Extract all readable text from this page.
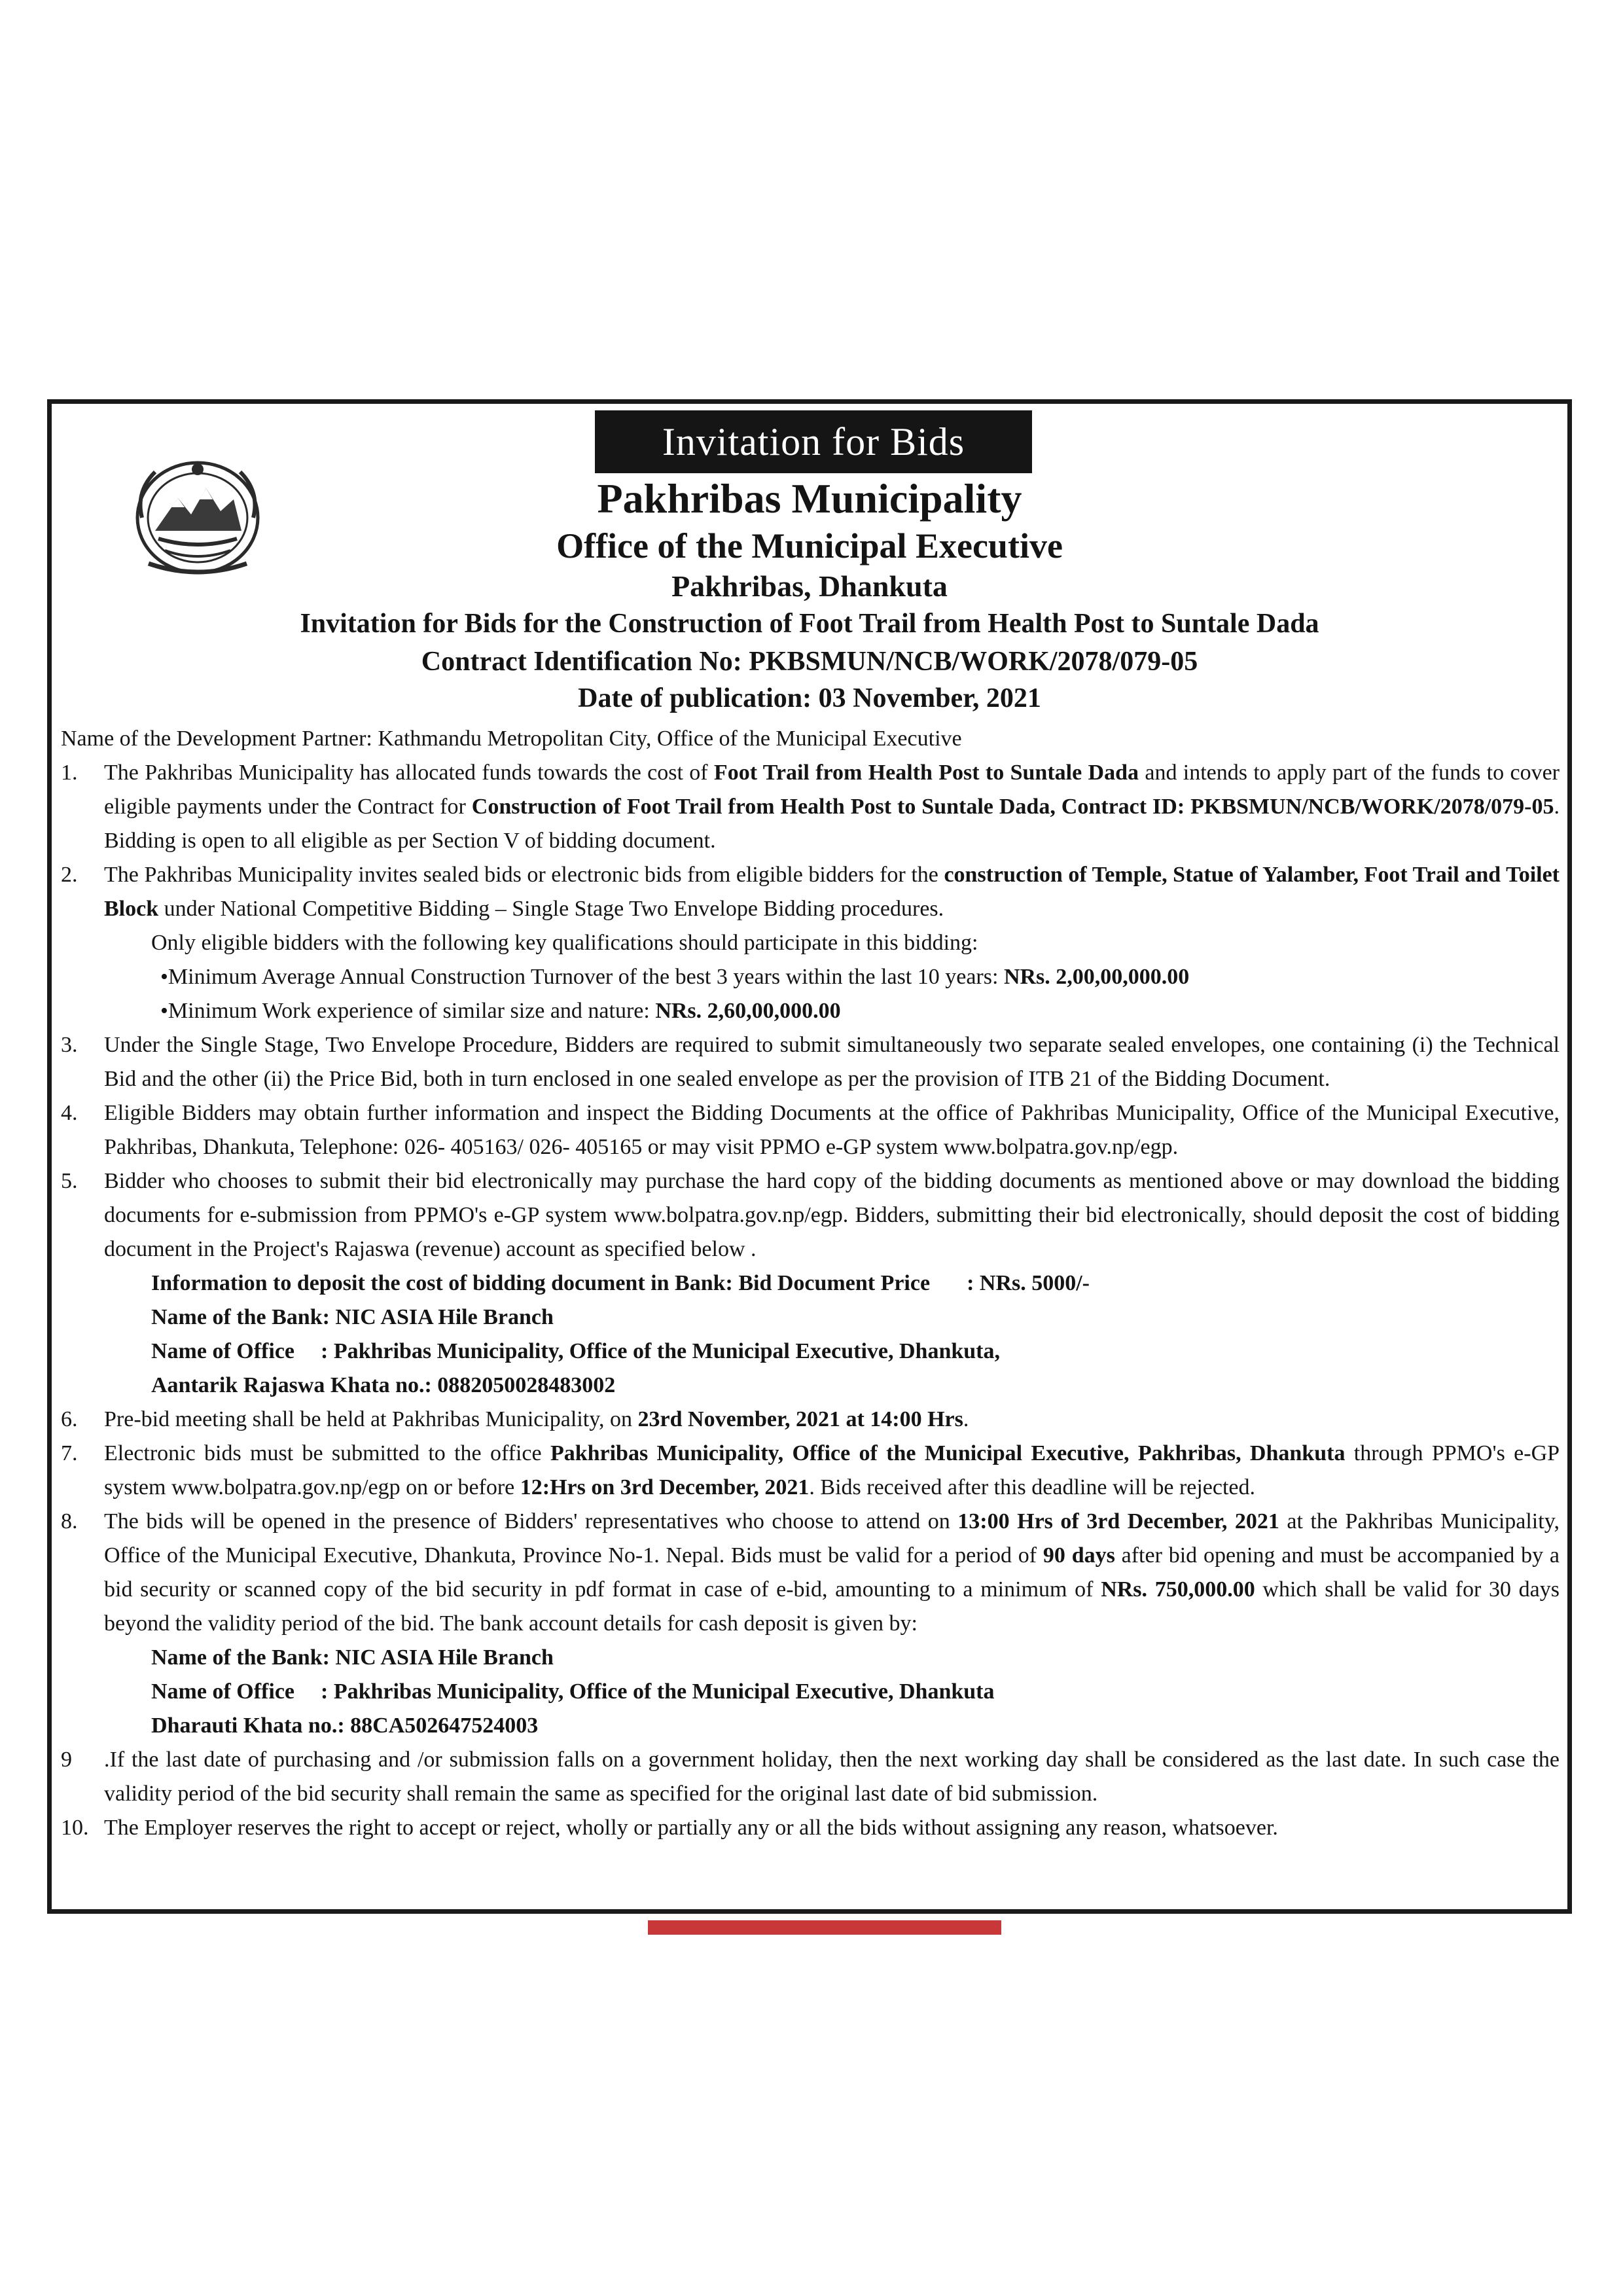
Invitation for Bids
Pakhribas Municipality
Office of the Municipal Executive
Pakhribas, Dhankuta
Invitation for Bids for the Construction of Foot Trail from Health Post to Suntale Dada
Contract Identification No: PKBSMUN/NCB/WORK/2078/079-05
Date of publication: 03 November, 2021
Name of the Development Partner: Kathmandu Metropolitan City, Office of the Municipal Executive
1.	The Pakhribas Municipality has allocated funds towards the cost of Foot Trail from Health Post to Suntale Dada and intends to apply part of the funds to cover eligible payments under the Contract for Construction of Foot Trail from Health Post to Suntale Dada, Contract ID: PKBSMUN/NCB/WORK/2078/079-05. Bidding is open to all eligible as per Section V of bidding document.
2.	The Pakhribas Municipality invites sealed bids or electronic bids from eligible bidders for the construction of Temple, Statue of Yalamber, Foot Trail and Toilet Block under National Competitive Bidding – Single Stage Two Envelope Bidding procedures.
Only eligible bidders with the following key qualifications should participate in this bidding:
•Minimum Average Annual Construction Turnover of the best 3 years within the last 10 years: NRs. 2,00,00,000.00
•Minimum Work experience of similar size and nature: NRs. 2,60,00,000.00
3.	Under the Single Stage, Two Envelope Procedure, Bidders are required to submit simultaneously two separate sealed envelopes, one containing (i) the Technical Bid and the other (ii) the Price Bid, both in turn enclosed in one sealed envelope as per the provision of ITB 21 of the Bidding Document.
4.	Eligible Bidders may obtain further information and inspect the Bidding Documents at the office of Pakhribas Municipality, Office of the Municipal Executive, Pakhribas, Dhankuta, Telephone: 026- 405163/ 026- 405165 or may visit PPMO e-GP system www.bolpatra.gov.np/egp.
5.	Bidder who chooses to submit their bid electronically may purchase the hard copy of the bidding documents as mentioned above or may download the bidding documents for e-submission from PPMO's e-GP system www.bolpatra.gov.np/egp. Bidders, submitting their bid electronically, should deposit the cost of bidding document in the Project's Rajaswa (revenue) account as specified below .
Information to deposit the cost of bidding document in Bank: Bid Document Price : NRs. 5000/-
Name of the Bank: NIC ASIA Hile Branch
Name of Office : Pakhribas Municipality, Office of the Municipal Executive, Dhankuta,
Aantarik Rajaswa Khata no.: 0882050028483002
6.	Pre-bid meeting shall be held at Pakhribas Municipality, on 23rd November, 2021 at 14:00 Hrs.
7.	Electronic bids must be submitted to the office Pakhribas Municipality, Office of the Municipal Executive, Pakhribas, Dhankuta through PPMO's e-GP system www.bolpatra.gov.np/egp on or before 12:Hrs on 3rd December, 2021. Bids received after this deadline will be rejected.
8.	The bids will be opened in the presence of Bidders' representatives who choose to attend on 13:00 Hrs of 3rd December, 2021 at the Pakhribas Municipality, Office of the Municipal Executive, Dhankuta, Province No-1. Nepal. Bids must be valid for a period of 90 days after bid opening and must be accompanied by a bid security or scanned copy of the bid security in pdf format in case of e-bid, amounting to a minimum of NRs. 750,000.00 which shall be valid for 30 days beyond the validity period of the bid. The bank account details for cash deposit is given by:
Name of the Bank: NIC ASIA Hile Branch
Name of Office : Pakhribas Municipality, Office of the Municipal Executive, Dhankuta
Dharauti Khata no.: 88CA502647524003
9	.If the last date of purchasing and /or submission falls on a government holiday, then the next working day shall be considered as the last date. In such case the validity period of the bid security shall remain the same as specified for the original last date of bid submission.
10. The Employer reserves the right to accept or reject, wholly or partially any or all the bids without assigning any reason, whatsoever.
